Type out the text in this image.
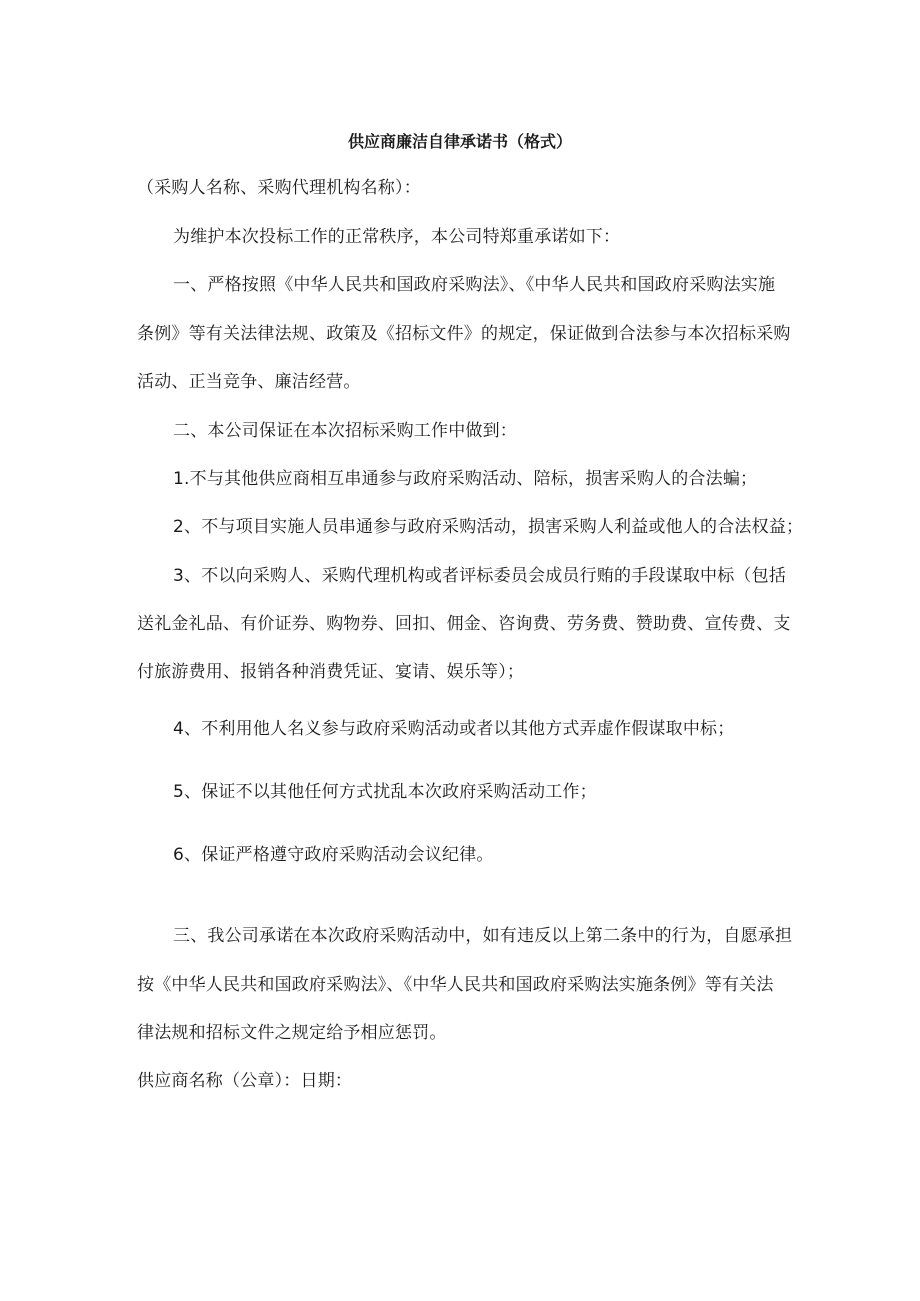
供应商廉洁自律承诺书（格式）
（采购人名称、采购代理机构名称）：
为维护本次投标工作的正常秩序，本公司特郑重承诺如下：
一、严格按照《中华人民共和国政府采购法》、《中华人民共和国政府采购法实施
条例》等有关法律法规、政策及《招标文件》的规定，保证做到合法参与本次招标采购
活动、正当竞争、廉洁经营。
二、本公司保证在本次招标采购工作中做到：
1.不与其他供应商相互串通参与政府采购活动、陪标，损害采购人的合法蝙；
2、不与项目实施人员串通参与政府采购活动，损害采购人利益或他人的合法权益；
3、不以向采购人、采购代理机构或者评标委员会成员行贿的手段谋取中标（包括
送礼金礼品、有价证券、购物券、回扣、佣金、咨询费、劳务费、赞助费、宣传费、支
付旅游费用、报销各种消费凭证、宴请、娱乐等）；
4、不利用他人名义参与政府采购活动或者以其他方式弄虚作假谋取中标；
5、保证不以其他任何方式扰乱本次政府采购活动工作；
6、保证严格遵守政府采购活动会议纪律。
三、我公司承诺在本次政府采购活动中，如有违反以上第二条中的行为，自愿承担
按《中华人民共和国政府采购法》、《中华人民共和国政府采购法实施条例》等有关法
律法规和招标文件之规定给予相应惩罚。
供应商名称（公章）：日期：
